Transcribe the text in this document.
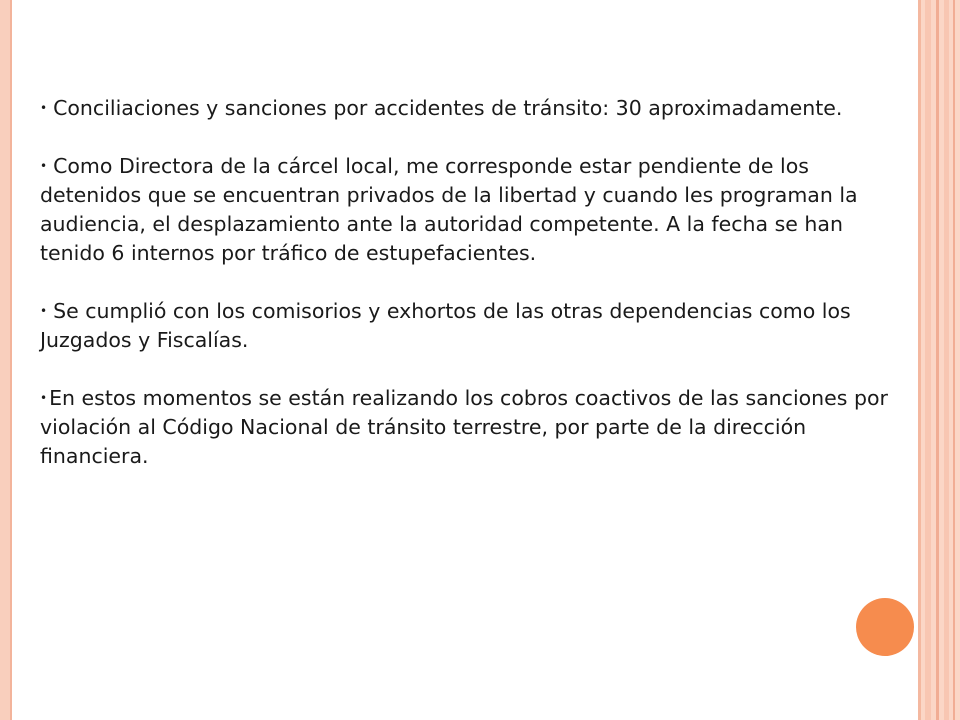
• Conciliaciones y sanciones por accidentes de tránsito: 30 aproximadamente.

• Como Directora de la cárcel local, me corresponde estar pendiente de los detenidos que se encuentran privados de la libertad y cuando les programan la audiencia, el desplazamiento ante la autoridad competente. A la fecha se han tenido 6 internos por tráfico de estupefacientes.

• Se cumplió con los comisorios y exhortos de las otras dependencias como los Juzgados y Fiscalías.

•En estos momentos se están realizando los cobros coactivos de las sanciones por violación al Código Nacional de tránsito terrestre, por parte de la dirección financiera.
